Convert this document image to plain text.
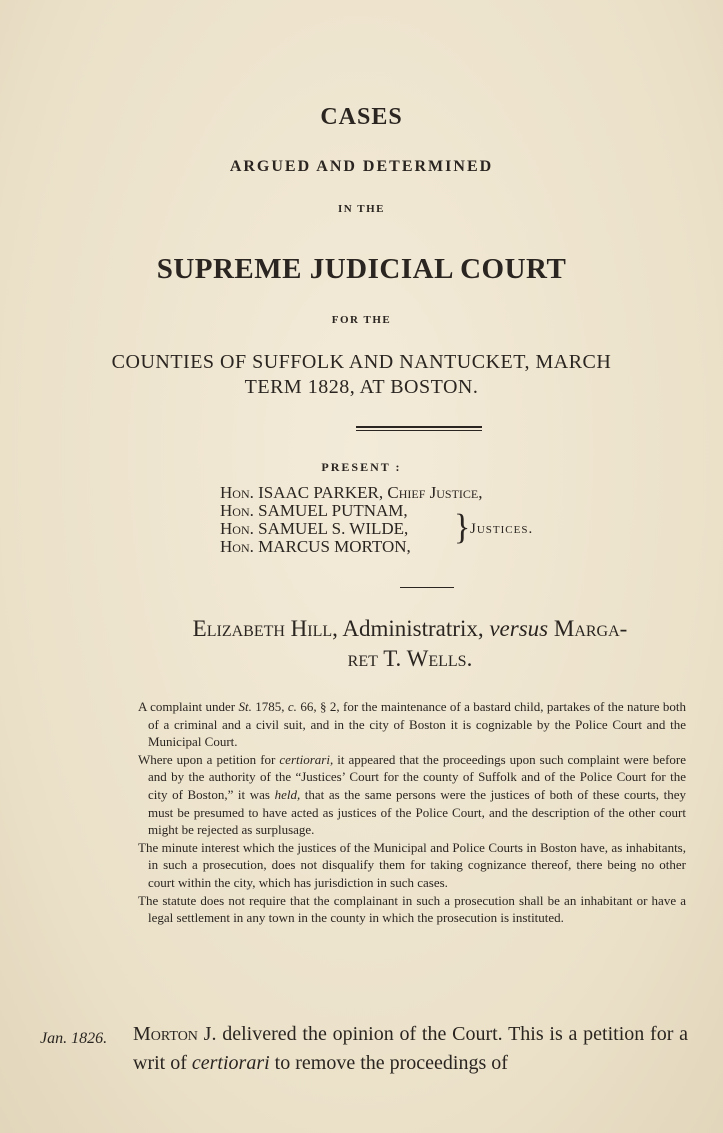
CASES
ARGUED AND DETERMINED
IN THE
SUPREME JUDICIAL COURT
FOR THE
COUNTIES OF SUFFOLK AND NANTUCKET, MARCH
TERM 1828, AT BOSTON.
PRESENT :
Hon. ISAAC PARKER, Chief Justice,
Hon. SAMUEL PUTNAM,
Hon. SAMUEL S. WILDE,
Hon. MARCUS MORTON,	} Justices.
Elizabeth Hill, Administratrix, versus Marga-
ret T. Wells.

A complaint under St. 1785, c. 66, § 2, for the maintenance of a bastard child, partakes of the nature both of a criminal and a civil suit, and in the city of Boston it is cognizable by the Police Court and the Municipal Court.

Where upon a petition for certiorari, it appeared that the proceedings upon such complaint were before and by the authority of the “Justices’ Court for the county of Suffolk and of the Police Court for the city of Boston,” it was held, that as the same persons were the justices of both of these courts, they must be presumed to have acted as justices of the Police Court, and the description of the other court might be rejected as surplusage.

The minute interest which the justices of the Municipal and Police Courts in Boston have, as inhabitants, in such a prosecution, does not disqualify them for taking cognizance thereof, there being no other court within the city, which has jurisdiction in such cases.

The statute does not require that the complainant in such a prosecution shall be an inhabitant or have a legal settlement in any town in the county in which the prosecution is instituted.

Jan. 1826. Morton J. delivered the opinion of the Court. This is a petition for a writ of certiorari to remove the proceedings of
